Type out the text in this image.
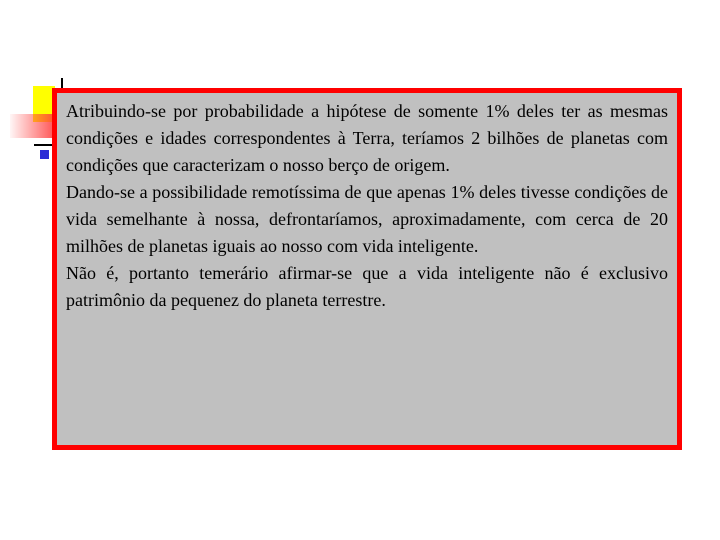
Atribuindo-se por probabilidade a hipótese de somente 1% deles ter as mesmas condições e idades correspondentes à Terra, teríamos 2 bilhões de planetas com condições que caracterizam o nosso berço de origem.

Dando-se a possibilidade remotíssima de que apenas 1% deles tivesse condições de vida semelhante à nossa, defrontaríamos, aproximadamente, com cerca de 20 milhões de planetas iguais ao nosso com vida inteligente.

Não é, portanto temerário afirmar-se que a vida inteligente não é exclusivo patrimônio da pequenez do planeta terrestre.
